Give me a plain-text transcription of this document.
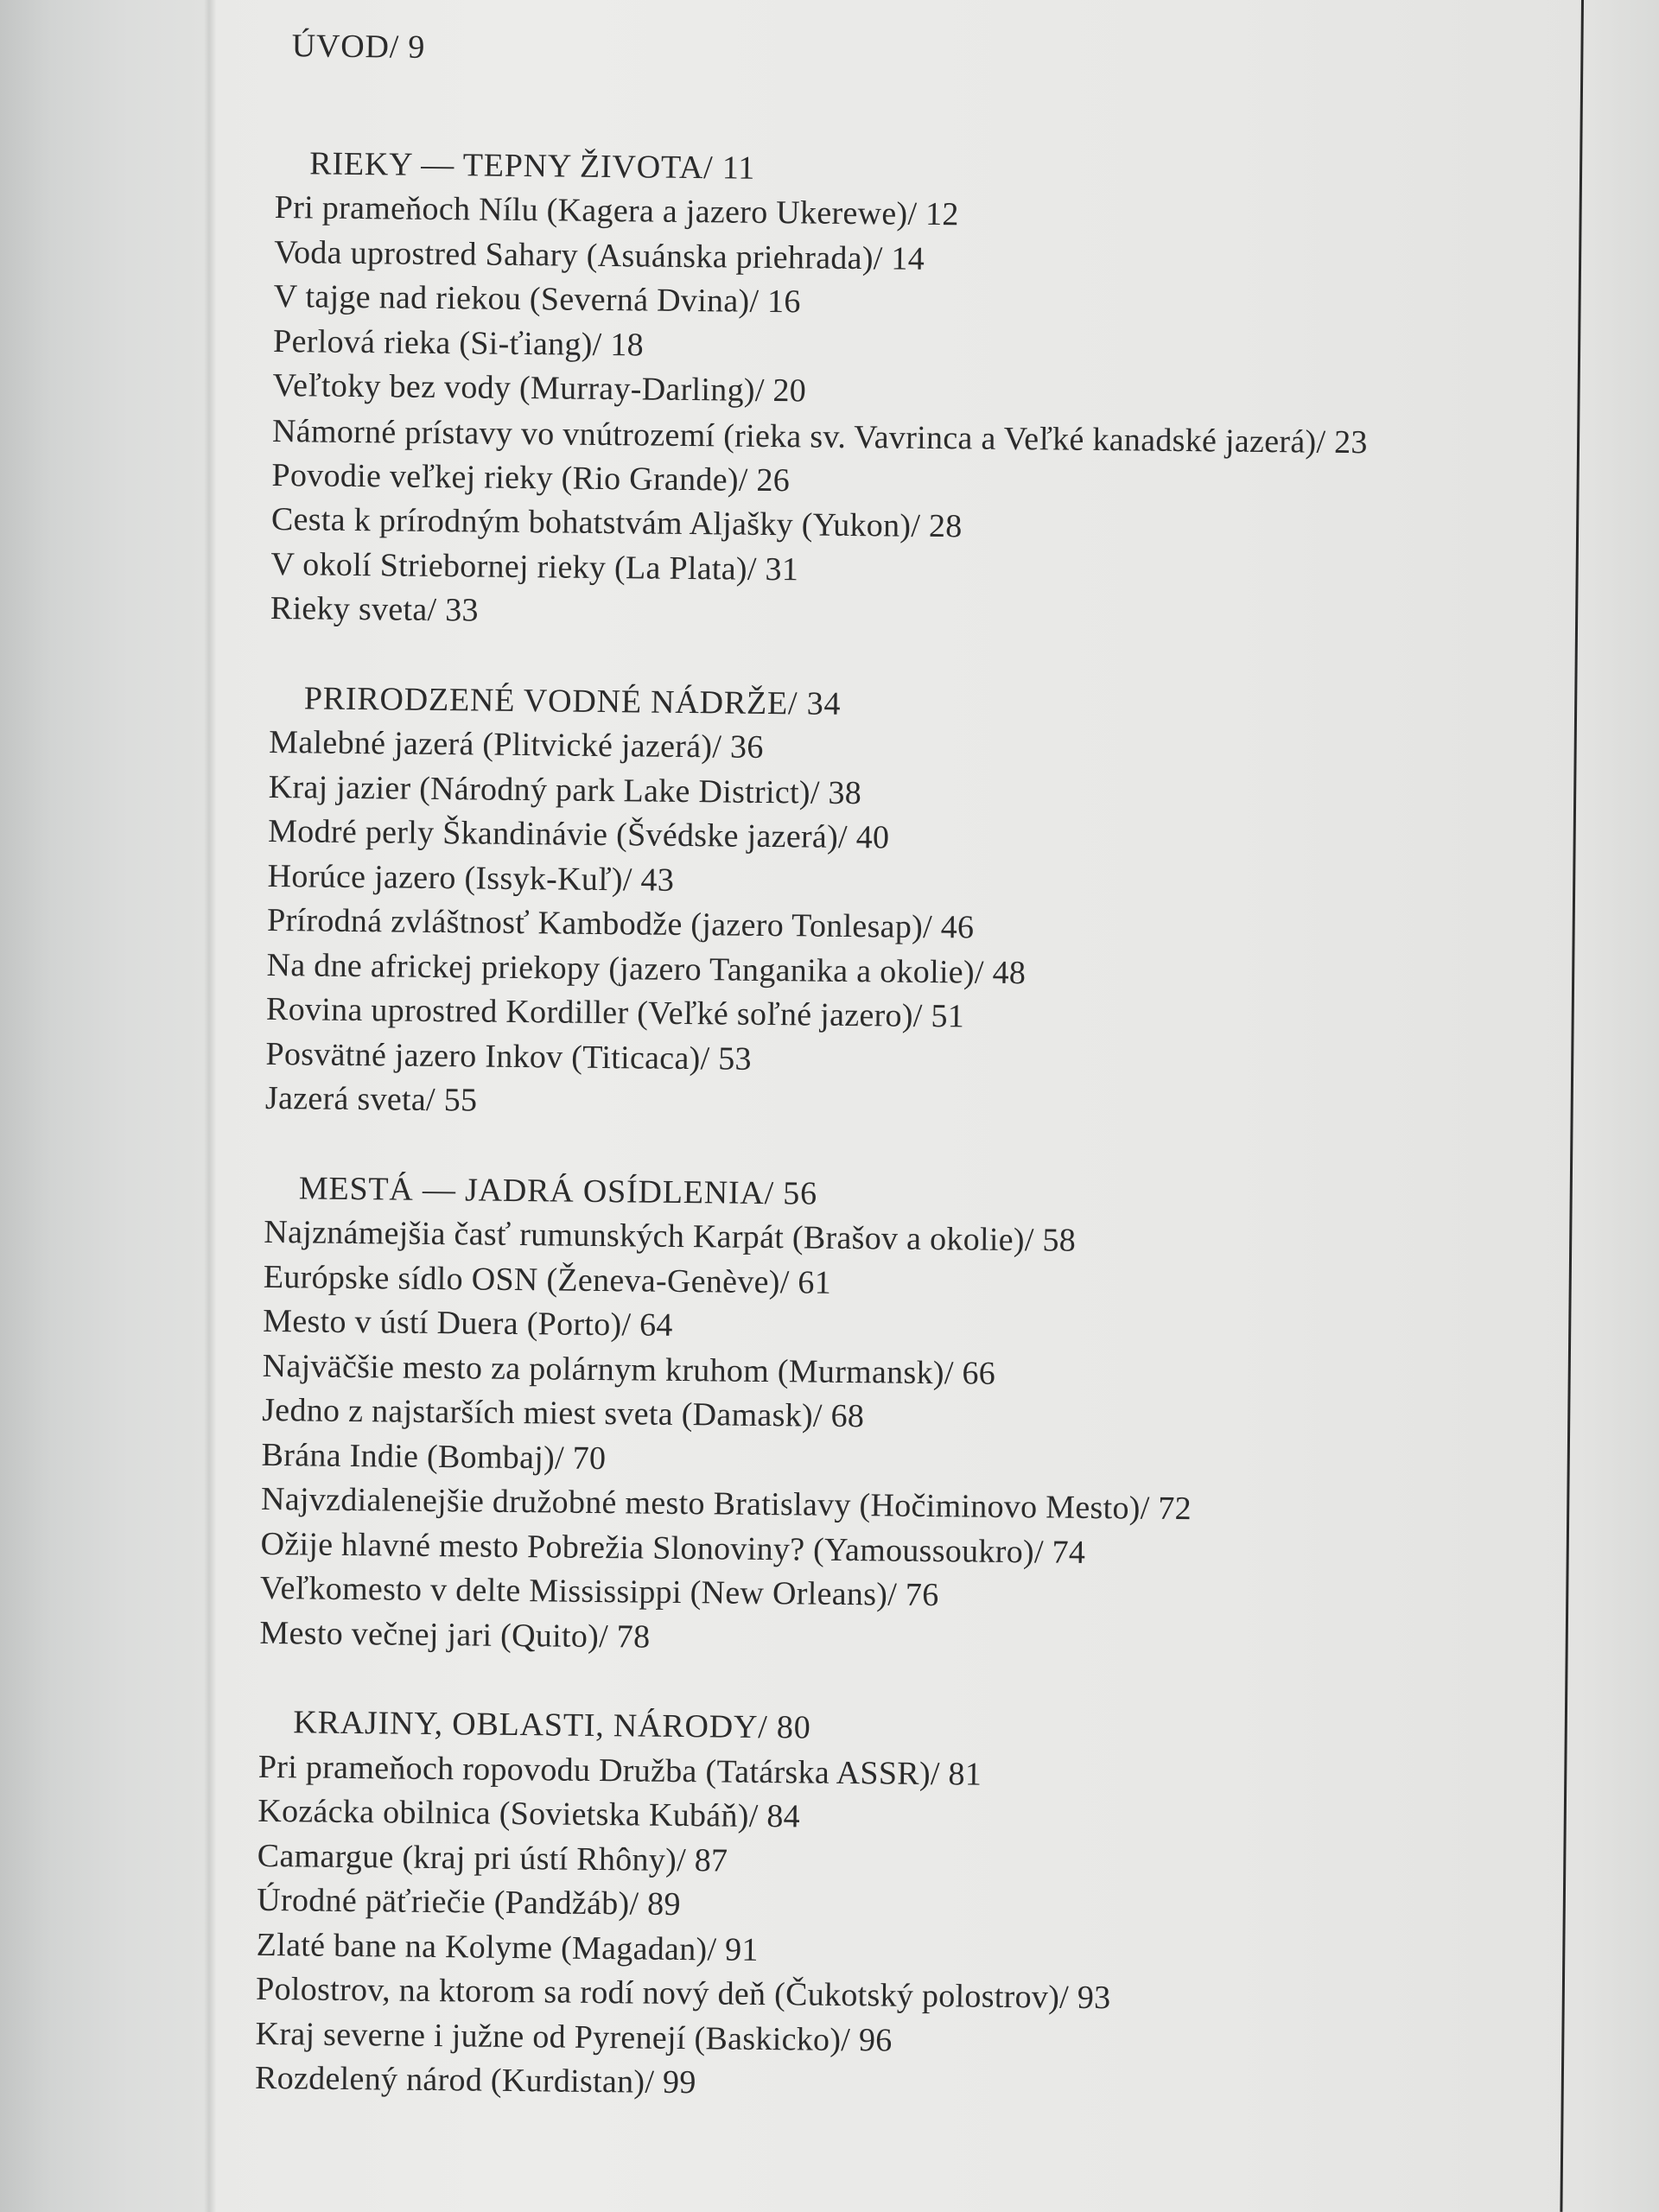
ÚVOD/ 9
RIEKY — TEPNY ŽIVOTA/ 11
Pri prameňoch Nílu (Kagera a jazero Ukerewe)/ 12
Voda uprostred Sahary (Asuánska priehrada)/ 14
V tajge nad riekou (Severná Dvina)/ 16
Perlová rieka (Si-ťiang)/ 18
Veľtoky bez vody (Murray-Darling)/ 20
Námorné prístavy vo vnútrozemí (rieka sv. Vavrinca a Veľké kanadské jazerá)/ 23
Povodie veľkej rieky (Rio Grande)/ 26
Cesta k prírodným bohatstvám Aljašky (Yukon)/ 28
V okolí Striebornej rieky (La Plata)/ 31
Rieky sveta/ 33
PRIRODZENÉ VODNÉ NÁDRŽE/ 34
Malebné jazerá (Plitvické jazerá)/ 36
Kraj jazier (Národný park Lake District)/ 38
Modré perly Škandinávie (Švédske jazerá)/ 40
Horúce jazero (Issyk-Kuľ)/ 43
Prírodná zvláštnosť Kambodže (jazero Tonlesap)/ 46
Na dne africkej priekopy (jazero Tanganika a okolie)/ 48
Rovina uprostred Kordiller (Veľké soľné jazero)/ 51
Posvätné jazero Inkov (Titicaca)/ 53
Jazerá sveta/ 55
MESTÁ — JADRÁ OSÍDLENIA/ 56
Najznámejšia časť rumunských Karpát (Brašov a okolie)/ 58
Európske sídlo OSN (Ženeva-Genève)/ 61
Mesto v ústí Duera (Porto)/ 64
Najväčšie mesto za polárnym kruhom (Murmansk)/ 66
Jedno z najstarších miest sveta (Damask)/ 68
Brána Indie (Bombaj)/ 70
Najvzdialenejšie družobné mesto Bratislavy (Hočiminovo Mesto)/ 72
Ožije hlavné mesto Pobrežia Slonoviny? (Yamoussoukro)/ 74
Veľkomesto v delte Mississippi (New Orleans)/ 76
Mesto večnej jari (Quito)/ 78
KRAJINY, OBLASTI, NÁRODY/ 80
Pri prameňoch ropovodu Družba (Tatárska ASSR)/ 81
Kozácka obilnica (Sovietska Kubáň)/ 84
Camargue (kraj pri ústí Rhôny)/ 87
Úrodné päťriečie (Pandžáb)/ 89
Zlaté bane na Kolyme (Magadan)/ 91
Polostrov, na ktorom sa rodí nový deň (Čukotský polostrov)/ 93
Kraj severne i južne od Pyrenejí (Baskicko)/ 96
Rozdelený národ (Kurdistan)/ 99
